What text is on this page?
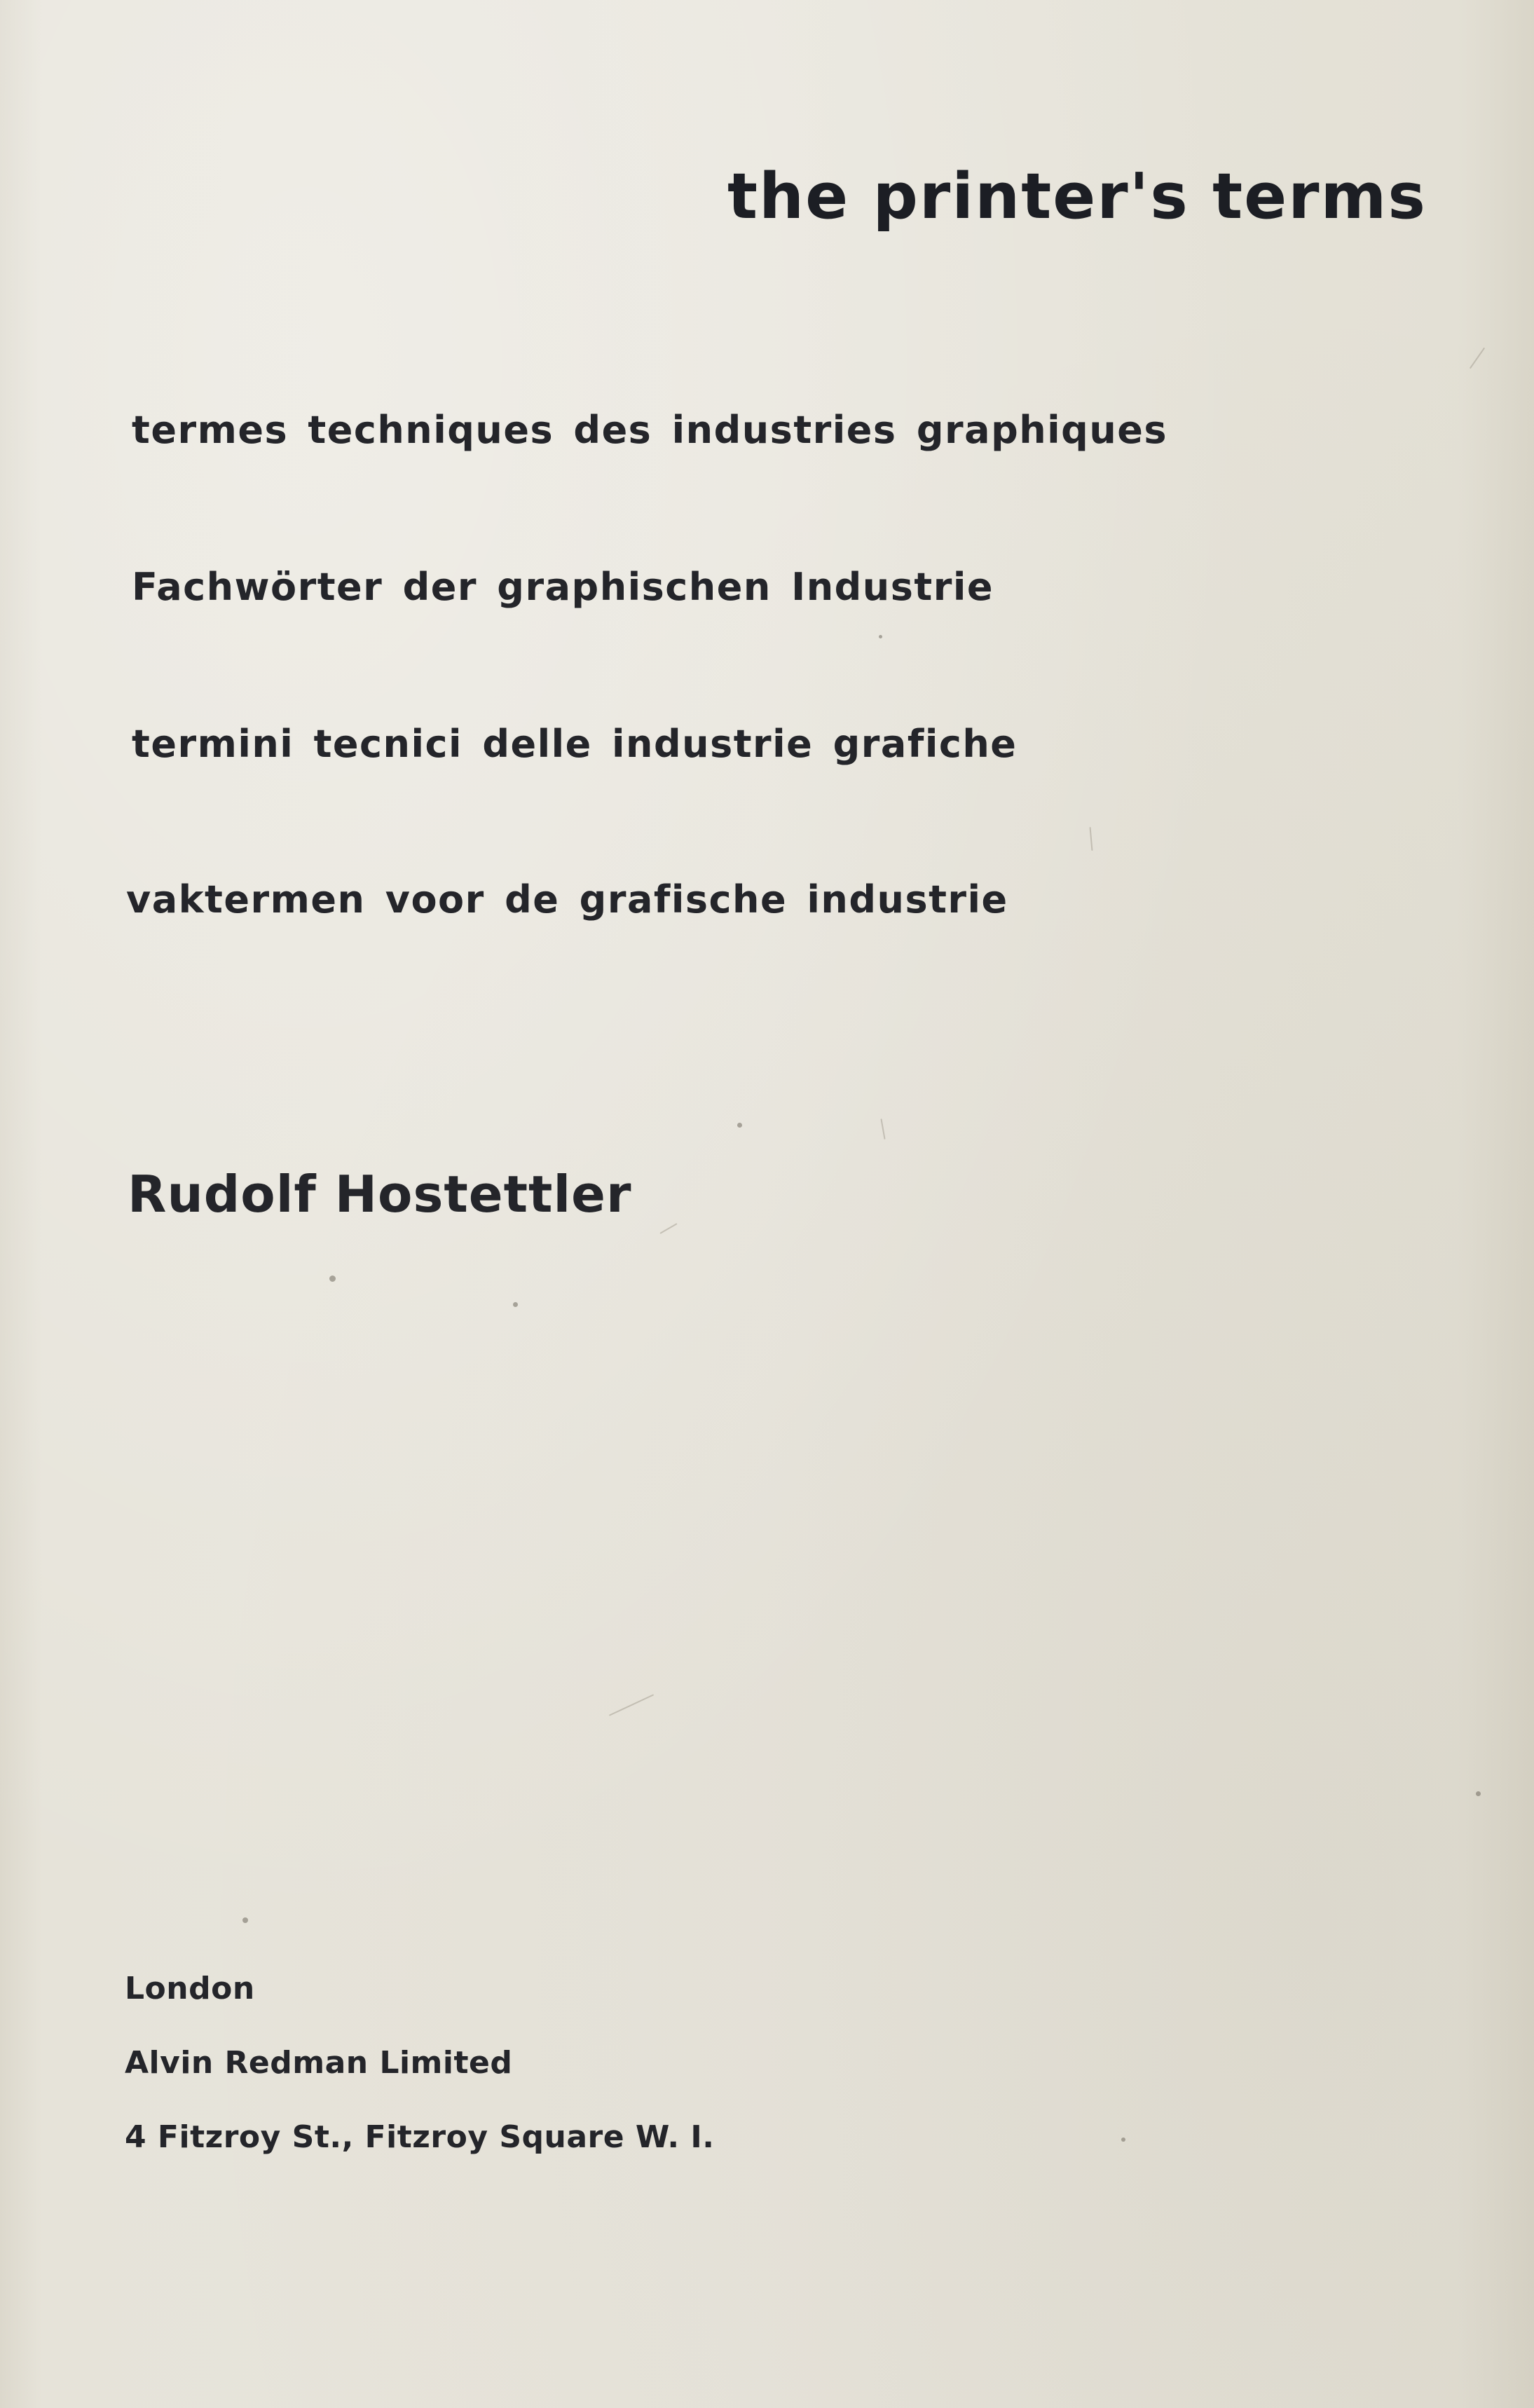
the printer's terms
termes techniques des industries graphiques
Fachwörter der graphischen Industrie
termini tecnici delle industrie grafiche
vaktermen voor de grafische industrie
Rudolf Hostettler
London
Alvin Redman Limited
4 Fitzroy St., Fitzroy Square W. I.
